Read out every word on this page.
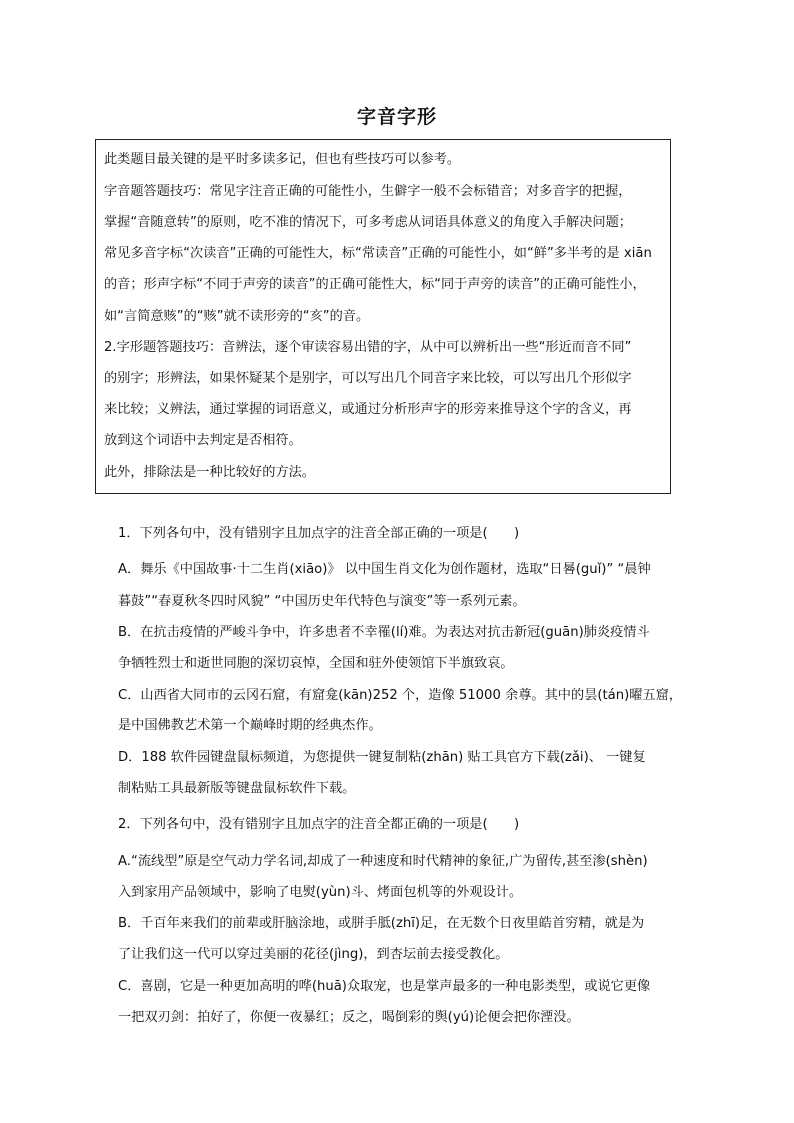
字音字形
此类题目最关键的是平时多读多记，但也有些技巧可以参考。
字音题答题技巧：常见字注音正确的可能性小，生僻字一般不会标错音；对多音字的把握，
掌握“音随意转”的原则，吃不准的情况下，可多考虑从词语具体意义的角度入手解决问题；
常见多音字标“次读音”正确的可能性大，标“常读音”正确的可能性小，如“鲜”多半考的是 xiān
的音；形声字标“不同于声旁的读音”的正确可能性大，标“同于声旁的读音”的正确可能性小，
如“言简意赅”的“赅”就不读形旁的“亥”的音。
2.字形题答题技巧：音辨法，逐个审读容易出错的字，从中可以辨析出一些“形近而音不同”
的别字；形辨法，如果怀疑某个是别字，可以写出几个同音字来比较，可以写出几个形似字
来比较；义辨法，通过掌握的词语意义，或通过分析形声字的形旁来推导这个字的含义，再
放到这个词语中去判定是否相符。
此外，排除法是一种比较好的方法。
1．下列各句中，没有错别字且加点字的注音全部正确的一项是(　　)
A．舞乐《中国故事·十二生肖(xiāo)》 以中国生肖文化为创作题材，选取“日晷(guǐ)” “晨钟
暮鼓”“春夏秋冬四时风貌” “中国历史年代特色与演变”等一系列元素。
B．在抗击疫情的严峻斗争中，许多患者不幸罹(lí)难。为表达对抗击新冠(guān)肺炎疫情斗
争牺牲烈士和逝世同胞的深切哀悼，全国和驻外使领馆下半旗致哀。
C．山西省大同市的云冈石窟，有窟龛(kān)252 个，造像 51000 余尊。其中的昙(tán)曜五窟，
是中国佛教艺术第一个巅峰时期的经典杰作。
D．188 软件园键盘鼠标频道，为您提供一键复制粘(zhān) 贴工具官方下载(zǎi)、 一键复
制粘贴工具最新版等键盘鼠标软件下载。
2．下列各句中，没有错别字且加点字的注音全都正确的一项是(　　)
A.“流线型”原是空气动力学名词,却成了一种速度和时代精神的象征,广为留传,甚至渗(shèn)
入到家用产品领域中，影响了电熨(yùn)斗、烤面包机等的外观设计。
B．千百年来我们的前辈或肝脑涂地，或胼手胝(zhī)足，在无数个日夜里皓首穷精，就是为
了让我们这一代可以穿过美丽的花径(jìng)，到杏坛前去接受教化。
C．喜剧，它是一种更加高明的哗(huā)众取宠，也是掌声最多的一种电影类型，或说它更像
一把双刃剑：拍好了，你便一夜暴红；反之，喝倒彩的舆(yú)论便会把你湮没。
